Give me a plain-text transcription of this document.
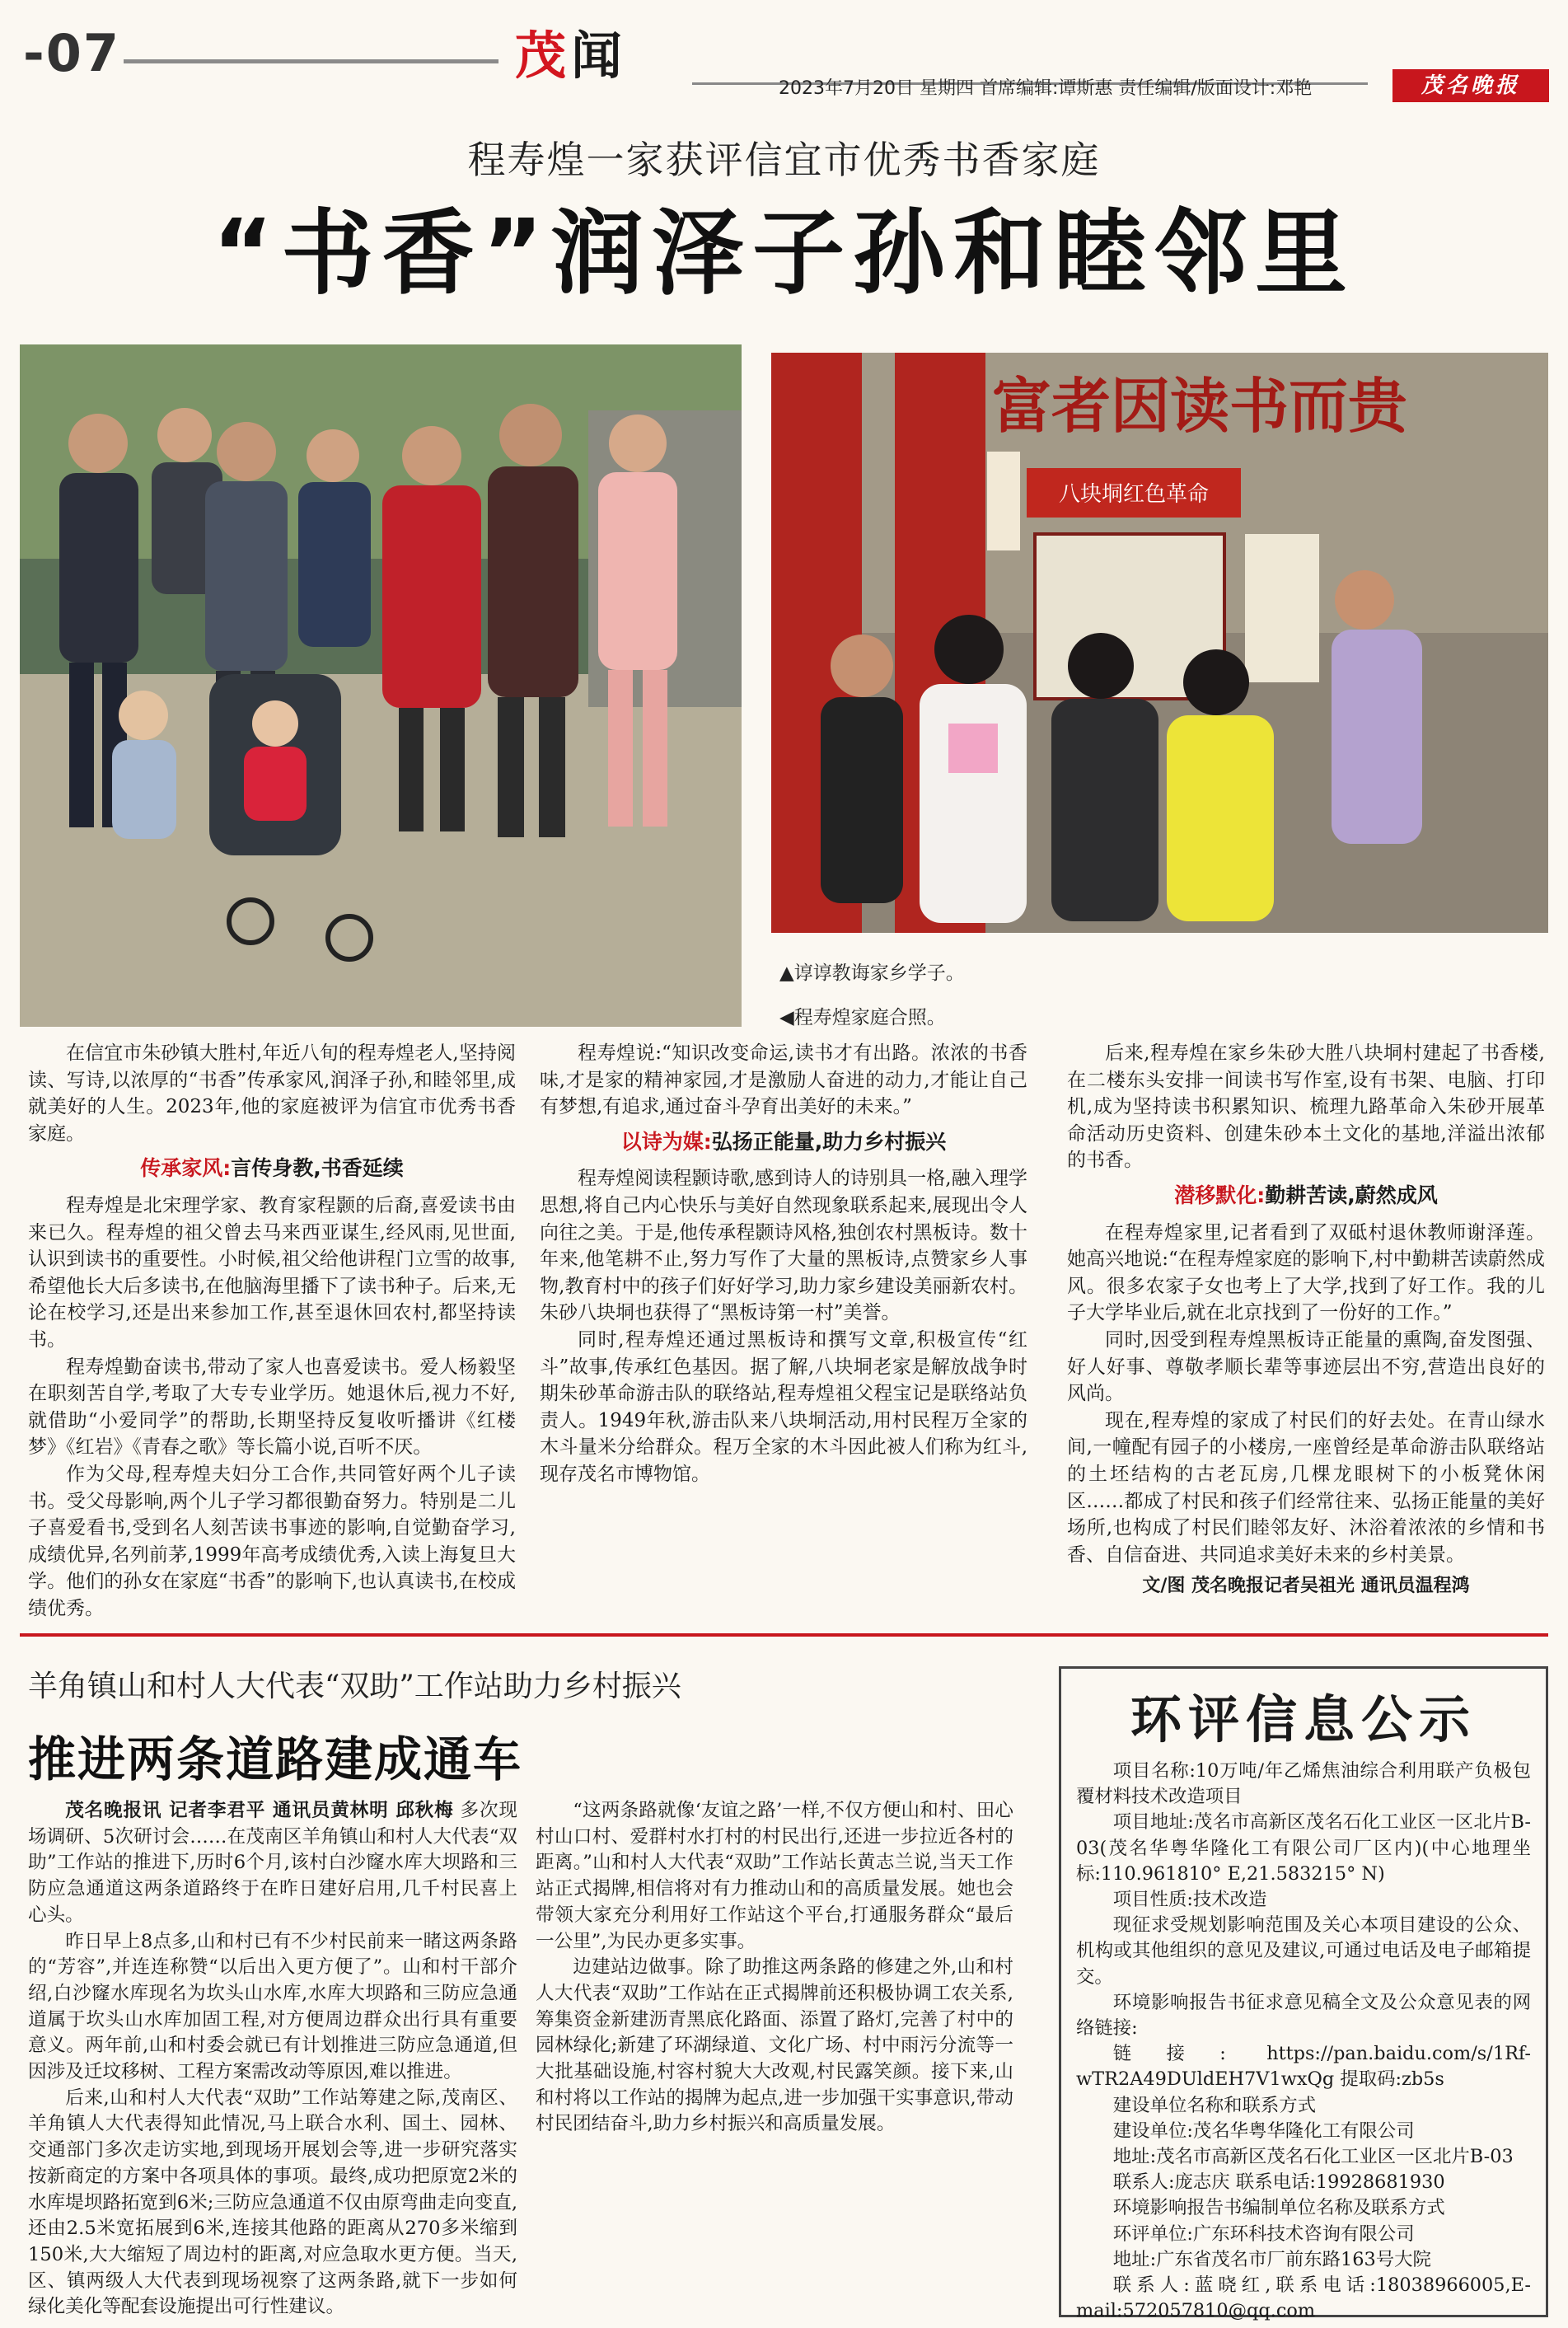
-07	茂闻
2023年7月20日 星期四 首席编辑:谭斯惠 责任编辑/版面设计:邓艳	茂名晚报
程寿煌一家获评信宜市优秀书香家庭
“书香”润泽子孙和睦邻里
富者因读书而贵
八块垌红色革命
▲谆谆教诲家乡学子。
◀程寿煌家庭合照。

在信宜市朱砂镇大胜村,年近八旬的程寿煌老人,坚持阅读、写诗,以浓厚的“书香”传承家风,润泽子孙,和睦邻里,成就美好的人生。2023年,他的家庭被评为信宜市优秀书香家庭。

传承家风:言传身教,书香延续

程寿煌是北宋理学家、教育家程颢的后裔,喜爱读书由来已久。程寿煌的祖父曾去马来西亚谋生,经风雨,见世面,认识到读书的重要性。小时候,祖父给他讲程门立雪的故事,希望他长大后多读书,在他脑海里播下了读书种子。后来,无论在校学习,还是出来参加工作,甚至退休回农村,都坚持读书。

程寿煌勤奋读书,带动了家人也喜爱读书。爱人杨毅坚在职刻苦自学,考取了大专专业学历。她退休后,视力不好,就借助“小爱同学”的帮助,长期坚持反复收听播讲《红楼梦》《红岩》《青春之歌》等长篇小说,百听不厌。

作为父母,程寿煌夫妇分工合作,共同管好两个儿子读书。受父母影响,两个儿子学习都很勤奋努力。特别是二儿子喜爱看书,受到名人刻苦读书事迹的影响,自觉勤奋学习,成绩优异,名列前茅,1999年高考成绩优秀,入读上海复旦大学。他们的孙女在家庭“书香”的影响下,也认真读书,在校成绩优秀。

程寿煌说:“知识改变命运,读书才有出路。浓浓的书香味,才是家的精神家园,才是激励人奋进的动力,才能让自己有梦想,有追求,通过奋斗孕育出美好的未来。”

以诗为媒:弘扬正能量,助力乡村振兴

程寿煌阅读程颢诗歌,感到诗人的诗别具一格,融入理学思想,将自己内心快乐与美好自然现象联系起来,展现出令人向往之美。于是,他传承程颢诗风格,独创农村黑板诗。数十年来,他笔耕不止,努力写作了大量的黑板诗,点赞家乡人事物,教育村中的孩子们好好学习,助力家乡建设美丽新农村。朱砂八块垌也获得了“黑板诗第一村”美誉。

同时,程寿煌还通过黑板诗和撰写文章,积极宣传“红斗”故事,传承红色基因。据了解,八块垌老家是解放战争时期朱砂革命游击队的联络站,程寿煌祖父程宝记是联络站负责人。1949年秋,游击队来八块垌活动,用村民程万全家的木斗量米分给群众。程万全家的木斗因此被人们称为红斗,现存茂名市博物馆。

后来,程寿煌在家乡朱砂大胜八块垌村建起了书香楼,在二楼东头安排一间读书写作室,设有书架、电脑、打印机,成为坚持读书积累知识、梳理九路革命入朱砂开展革命活动历史资料、创建朱砂本土文化的基地,洋溢出浓郁的书香。

潜移默化:勤耕苦读,蔚然成风

在程寿煌家里,记者看到了双砥村退休教师谢泽莲。她高兴地说:“在程寿煌家庭的影响下,村中勤耕苦读蔚然成风。很多农家子女也考上了大学,找到了好工作。我的儿子大学毕业后,就在北京找到了一份好的工作。”

同时,因受到程寿煌黑板诗正能量的熏陶,奋发图强、好人好事、尊敬孝顺长辈等事迹层出不穷,营造出良好的风尚。

现在,程寿煌的家成了村民们的好去处。在青山绿水间,一幢配有园子的小楼房,一座曾经是革命游击队联络站的土坯结构的古老瓦房,几棵龙眼树下的小板凳休闲区……都成了村民和孩子们经常往来、弘扬正能量的美好场所,也构成了村民们睦邻友好、沐浴着浓浓的乡情和书香、自信奋进、共同追求美好未来的乡村美景。

文/图 茂名晚报记者吴祖光 通讯员温程鸿

羊角镇山和村人大代表“双助”工作站助力乡村振兴
推进两条道路建成通车

茂名晚报讯 记者李君平 通讯员黄林明 邱秋梅 多次现场调研、5次研讨会……在茂南区羊角镇山和村人大代表“双助”工作站的推进下,历时6个月,该村白沙窿水库大坝路和三防应急通道这两条道路终于在昨日建好启用,几千村民喜上心头。

昨日早上8点多,山和村已有不少村民前来一睹这两条路的“芳容”,并连连称赞“以后出入更方便了”。山和村干部介绍,白沙窿水库现名为坎头山水库,水库大坝路和三防应急通道属于坎头山水库加固工程,对方便周边群众出行具有重要意义。两年前,山和村委会就已有计划推进三防应急通道,但因涉及迁坟移树、工程方案需改动等原因,难以推进。

后来,山和村人大代表“双助”工作站筹建之际,茂南区、羊角镇人大代表得知此情况,马上联合水利、国土、园林、交通部门多次走访实地,到现场开展划会等,进一步研究落实按新商定的方案中各项具体的事项。最终,成功把原宽2米的水库堤坝路拓宽到6米;三防应急通道不仅由原弯曲走向变直,还由2.5米宽拓展到6米,连接其他路的距离从270多米缩到150米,大大缩短了周边村的距离,对应急取水更方便。当天,区、镇两级人大代表到现场视察了这两条路,就下一步如何绿化美化等配套设施提出可行性建议。

“这两条路就像‘友谊之路’一样,不仅方便山和村、田心村山口村、爱群村水打村的村民出行,还进一步拉近各村的距离。”山和村人大代表“双助”工作站长黄志兰说,当天工作站正式揭牌,相信将对有力推动山和的高质量发展。她也会带领大家充分利用好工作站这个平台,打通服务群众“最后一公里”,为民办更多实事。

边建站边做事。除了助推这两条路的修建之外,山和村人大代表“双助”工作站在正式揭牌前还积极协调工农关系,筹集资金新建沥青黑底化路面、添置了路灯,完善了村中的园林绿化;新建了环湖绿道、文化广场、村中雨污分流等一大批基础设施,村容村貌大大改观,村民露笑颜。接下来,山和村将以工作站的揭牌为起点,进一步加强干实事意识,带动村民团结奋斗,助力乡村振兴和高质量发展。

环评信息公示

项目名称:10万吨/年乙烯焦油综合利用联产负极包覆材料技术改造项目

项目地址:茂名市高新区茂名石化工业区一区北片B-03(茂名华粤华隆化工有限公司厂区内)(中心地理坐标:110.961810° E,21.583215° N)

项目性质:技术改造

现征求受规划影响范围及关心本项目建设的公众、机构或其他组织的意见及建议,可通过电话及电子邮箱提交。

环境影响报告书征求意见稿全文及公众意见表的网络链接:

链接: https://pan.baidu.com/s/1Rf-wTR2A49DUldEH7V1wxQg 提取码:zb5s

建设单位名称和联系方式

建设单位:茂名华粤华隆化工有限公司

地址:茂名市高新区茂名石化工业区一区北片B-03

联系人:庞志庆 联系电话:19928681930

环境影响报告书编制单位名称及联系方式

环评单位:广东环科技术咨询有限公司

地址:广东省茂名市厂前东路163号大院

联系人:蓝晓红,联系电话:18038966005,E-mail:572057810@qq.com
